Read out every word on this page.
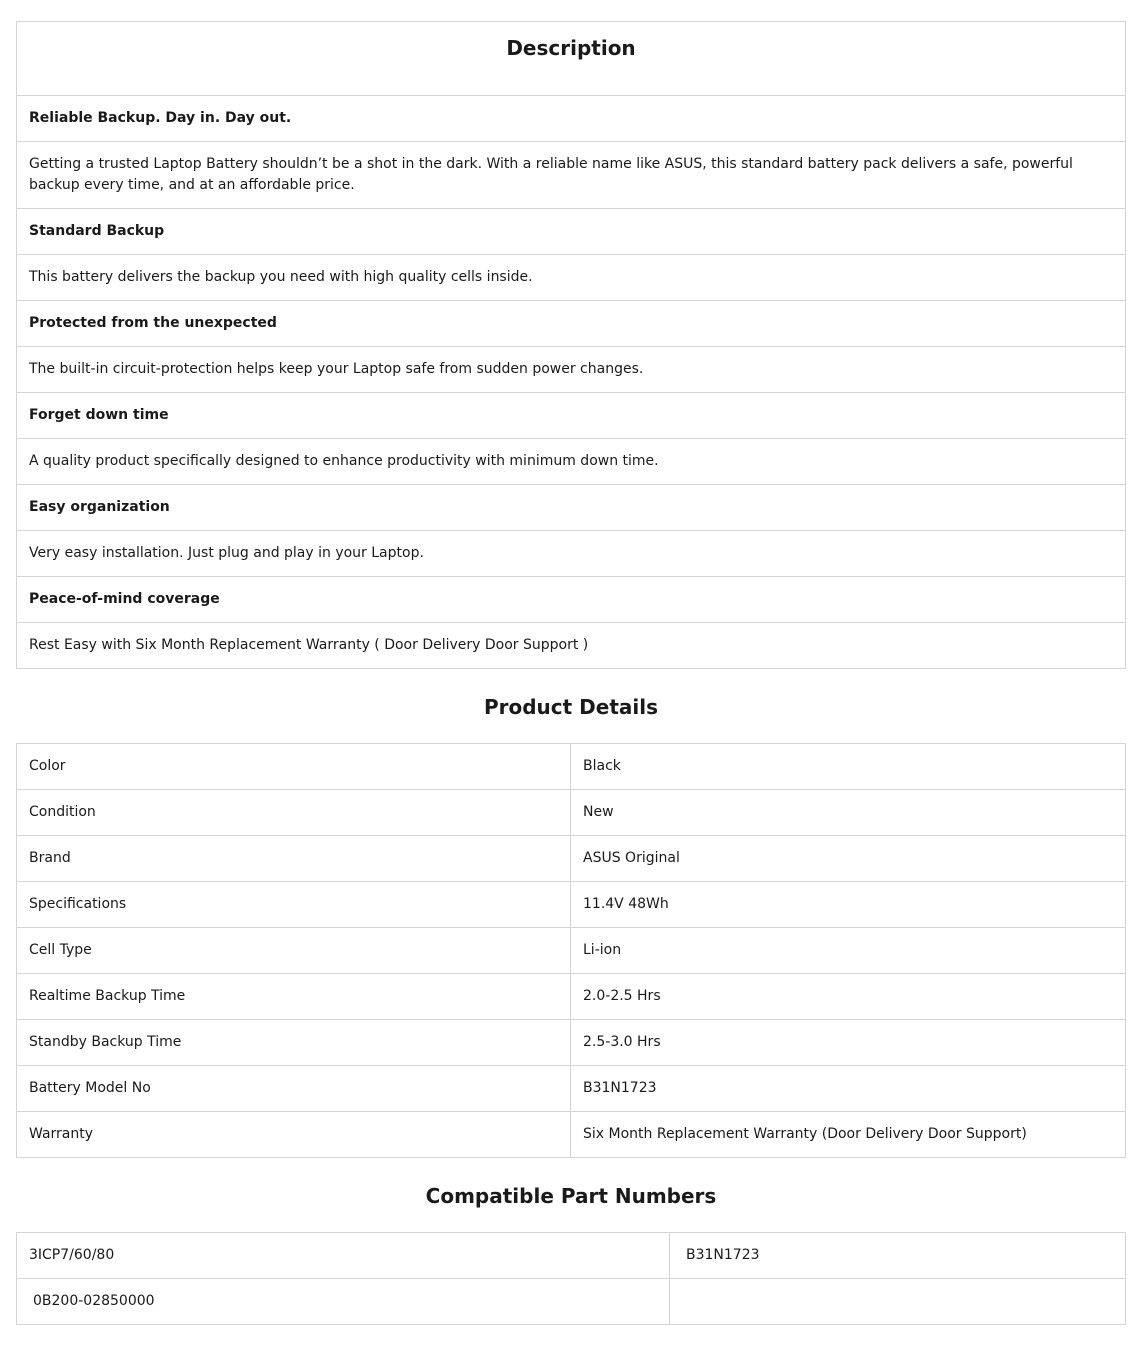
Description
Reliable Backup. Day in. Day out.
Getting a trusted Laptop Battery shouldn’t be a shot in the dark. With a reliable name like ASUS, this standard battery pack delivers a safe, powerful backup every time, and at an affordable price.
Standard Backup
This battery delivers the backup you need with high quality cells inside.
Protected from the unexpected
The built-in circuit-protection helps keep your Laptop safe from sudden power changes.
Forget down time
A quality product specifically designed to enhance productivity with minimum down time.
Easy organization
Very easy installation. Just plug and play in your Laptop.
Peace-of-mind coverage
Rest Easy with Six Month Replacement Warranty ( Door Delivery Door Support )
Product Details
Color	Black
Condition	New
Brand	ASUS Original
Specifications	11.4V 48Wh
Cell Type	Li-ion
Realtime Backup Time	2.0-2.5 Hrs
Standby Backup Time	2.5-3.0 Hrs
Battery Model No	B31N1723
Warranty	Six Month Replacement Warranty (Door Delivery Door Support)
Compatible Part Numbers
3ICP7/60/80	B31N1723
0B200-02850000	
